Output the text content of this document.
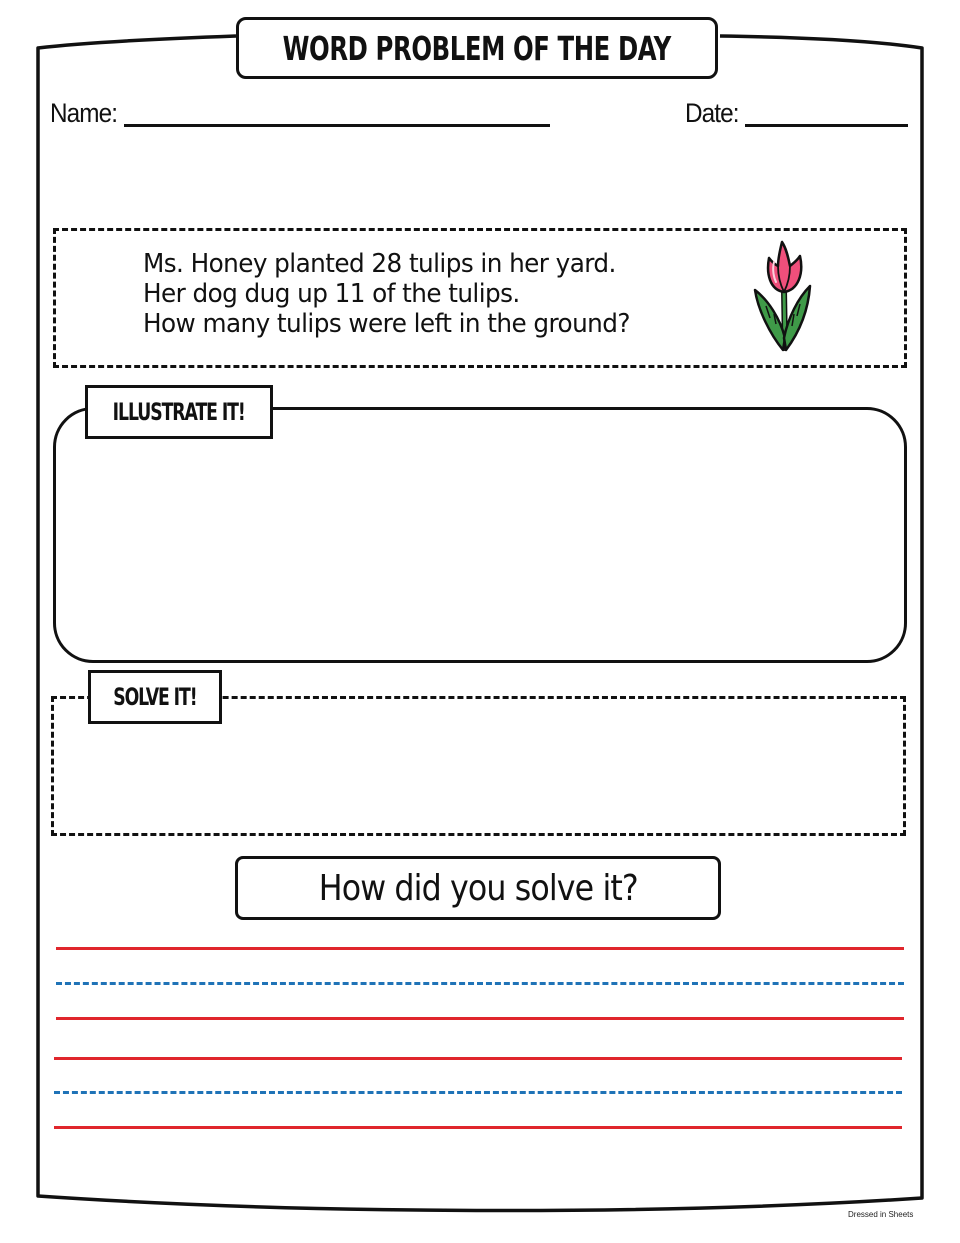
WORD PROBLEM OF THE DAY
Name:	Date:
Ms. Honey planted 28 tulips in her yard.
Her dog dug up 11 of the tulips.
How many tulips were left in the ground?
ILLUSTRATE IT!
SOLVE IT!
How did you solve it?
Dressed in Sheets
